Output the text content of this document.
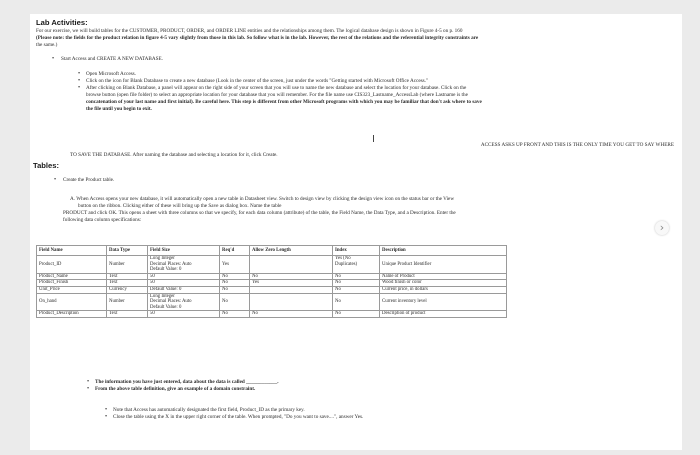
Lab Activities:
For our exercise, we will build tables for the CUSTOMER, PRODUCT, ORDER, and ORDER LINE entities and the relationships among them. The logical database design is shown in Figure 4-5 on p. 160
(Please note: the fields for the product relation in figure 4-5 vary slightly from those in this lab. So follow what is in the lab. However, the rest of the relations and the referential integrity constraints are
the same.)
• Start Access and CREATE A NEW DATABASE.
• Open Microsoft Access.
• Click on the icon for Blank Database to create a new database (Look in the center of the screen, just under the words "Getting started with Microsoft Office Access."
• After clicking on Blank Database, a panel will appear on the right side of your screen that you will use to name the new database and select the location for your database. Click on the
browse button (open file folder) to select an appropriate location for your database that you will remember. For the file name use CIS323_Lastname_AccessLab (where Lastname is the
concatenation of your last name and first initial). Be careful here. This step is different from other Microsoft programs with which you may be familiar that don't ask where to save
the file until you begin to exit.
ACCESS ASKS UP FRONT AND THIS IS THE ONLY TIME YOU GET TO SAY WHERE
TO SAVE THE DATABASE. After naming the database and selecting a location for it, click Create.
Tables:
• Create the Product table.
A. When Access opens your new database, it will automatically open a new table in Datasheet view. Switch to design view by clicking the design view icon on the status bar or the View
button on the ribbon. Clicking either of these will bring up the Save as dialog box. Name the table
PRODUCT and click OK. This opens a sheet with three columns so that we specify, for each data column (attribute) of the table, the Field Name, the Data Type, and a Description. Enter the
following data column specifications:
Field Name	Data Type	Field Size	Req'd	Allow Zero Length	Index	Description
Product_ID	Number	Long Integer
Decimal Places: Auto
Default Value: 0	Yes		Yes (No
Duplicates)	Unique Product Identifier
Product_Name	Text	50	No	No	No	Name of Product
Product_Finish	Text	50	No	Yes	No	Wood finish or color
Unit_Price	Currency	Default Value: 0	No		No	Current price, in dollars
On_hand	Number	Long Integer
Decimal Places: Auto
Default Value: 0	No		No	Current inventory level
Product_Description	Text	50	No	No	No	Description of product
• The information you have just entered, data about the data is called ____________.
• From the above table definition, give an example of a domain constraint.
• Note that Access has automatically designated the first field, Product_ID as the primary key.
• Close the table using the X in the upper right corner of the table. When prompted, "Do you want to save....", answer Yes.
›
